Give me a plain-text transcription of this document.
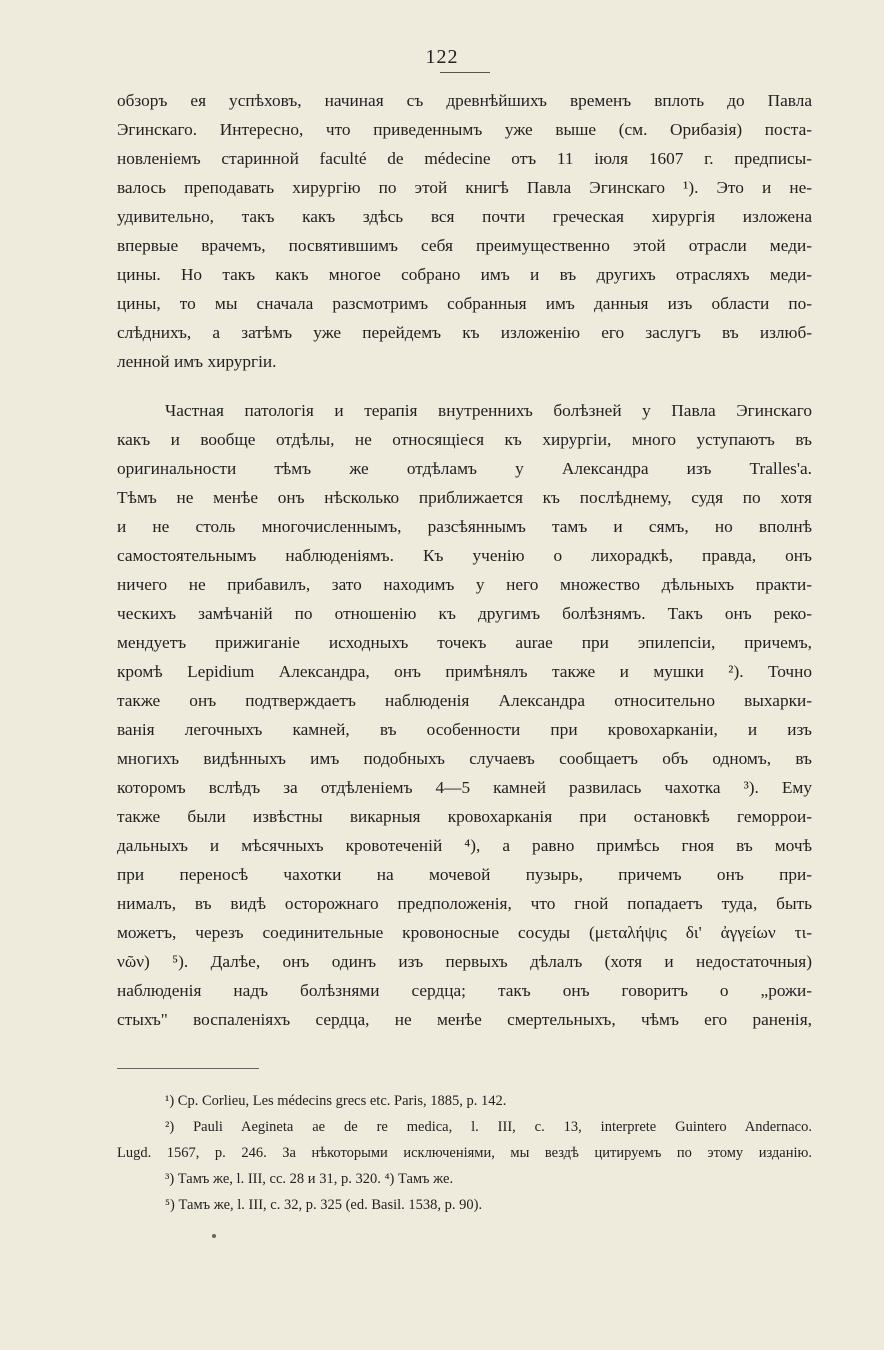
122
обзоръ ея успѣховъ, начиная съ древнѣйшихъ временъ вплоть до Павла
Эгинскаго. Интересно, что приведеннымъ уже выше (см. Орибазія) поста-
новленіемъ старинной faculté de médecine отъ 11 іюля 1607 г. предписы-
валось преподавать хирургію по этой книгѣ Павла Эгинскаго ¹). Это и не-
удивительно, такъ какъ здѣсь вся почти греческая хирургія изложена
впервые врачемъ, посвятившимъ себя преимущественно этой отрасли меди-
цины. Но такъ какъ многое собрано имъ и въ другихъ отрасляхъ меди-
цины, то мы сначала разсмотримъ собранныя имъ данныя изъ области по-
слѣднихъ, а затѣмъ уже перейдемъ къ изложенію его заслугъ въ излюб-
ленной имъ хирургіи.
Частная патологія и терапія внутреннихъ болѣзней у Павла Эгинскаго
какъ и вообще отдѣлы, не относящіеся къ хирургіи, много уступаютъ въ
оригинальности тѣмъ же отдѣламъ у Александра изъ Tralles'a.
Тѣмъ не менѣе онъ нѣсколько приближается къ послѣднему, судя по хотя
и не столь многочисленнымъ, разсѣяннымъ тамъ и сямъ, но вполнѣ
самостоятельнымъ наблюденіямъ. Къ ученію о лихорадкѣ, правда, онъ
ничего не прибавилъ, зато находимъ у него множество дѣльныхъ практи-
ческихъ замѣчаній по отношенію къ другимъ болѣзнямъ. Такъ онъ реко-
мендуетъ прижиганіе исходныхъ точекъ aurae при эпилепсіи, причемъ,
кромѣ Lepidium Александра, онъ примѣнялъ также и мушки ²). Точно
также онъ подтверждаетъ наблюденія Александра относительно выхарки-
ванія легочныхъ камней, въ особенности при кровохарканіи, и изъ
многихъ видѣнныхъ имъ подобныхъ случаевъ сообщаетъ объ одномъ, въ
которомъ вслѣдъ за отдѣленіемъ 4—5 камней развилась чахотка ³). Ему
также были извѣстны викарныя кровохарканія при остановкѣ геморрои-
дальныхъ и мѣсячныхъ кровотеченій ⁴), а равно примѣсь гноя въ мочѣ
при переносѣ чахотки на мочевой пузырь, причемъ онъ при-
нималъ, въ видѣ осторожнаго предположенія, что гной попадаетъ туда, быть
можетъ, черезъ соединительные кровоносные сосуды (μεταλήψις δι' ἀγγείων τι-
νῶν) ⁵). Далѣе, онъ одинъ изъ первыхъ дѣлалъ (хотя и недостаточныя)
наблюденія надъ болѣзнями сердца; такъ онъ говоритъ о „рожи-
стыхъ" воспаленіяхъ сердца, не менѣе смертельныхъ, чѣмъ его раненія,
¹) Cp. Corlieu, Les médecins grecs etc. Paris, 1885, p. 142.
²) Pauli Aegineta ae de re medica, l. III, c. 13, interprete Guintero Andernaco.
Lugd. 1567, p. 246. За нѣкоторыми исключеніями, мы вездѣ цитируемъ по этому изданію.
³) Тамъ же, l. III, cc. 28 и 31, p. 320. ⁴) Тамъ же.
⁵) Тамъ же, l. III, c. 32, p. 325 (ed. Basil. 1538, p. 90).
